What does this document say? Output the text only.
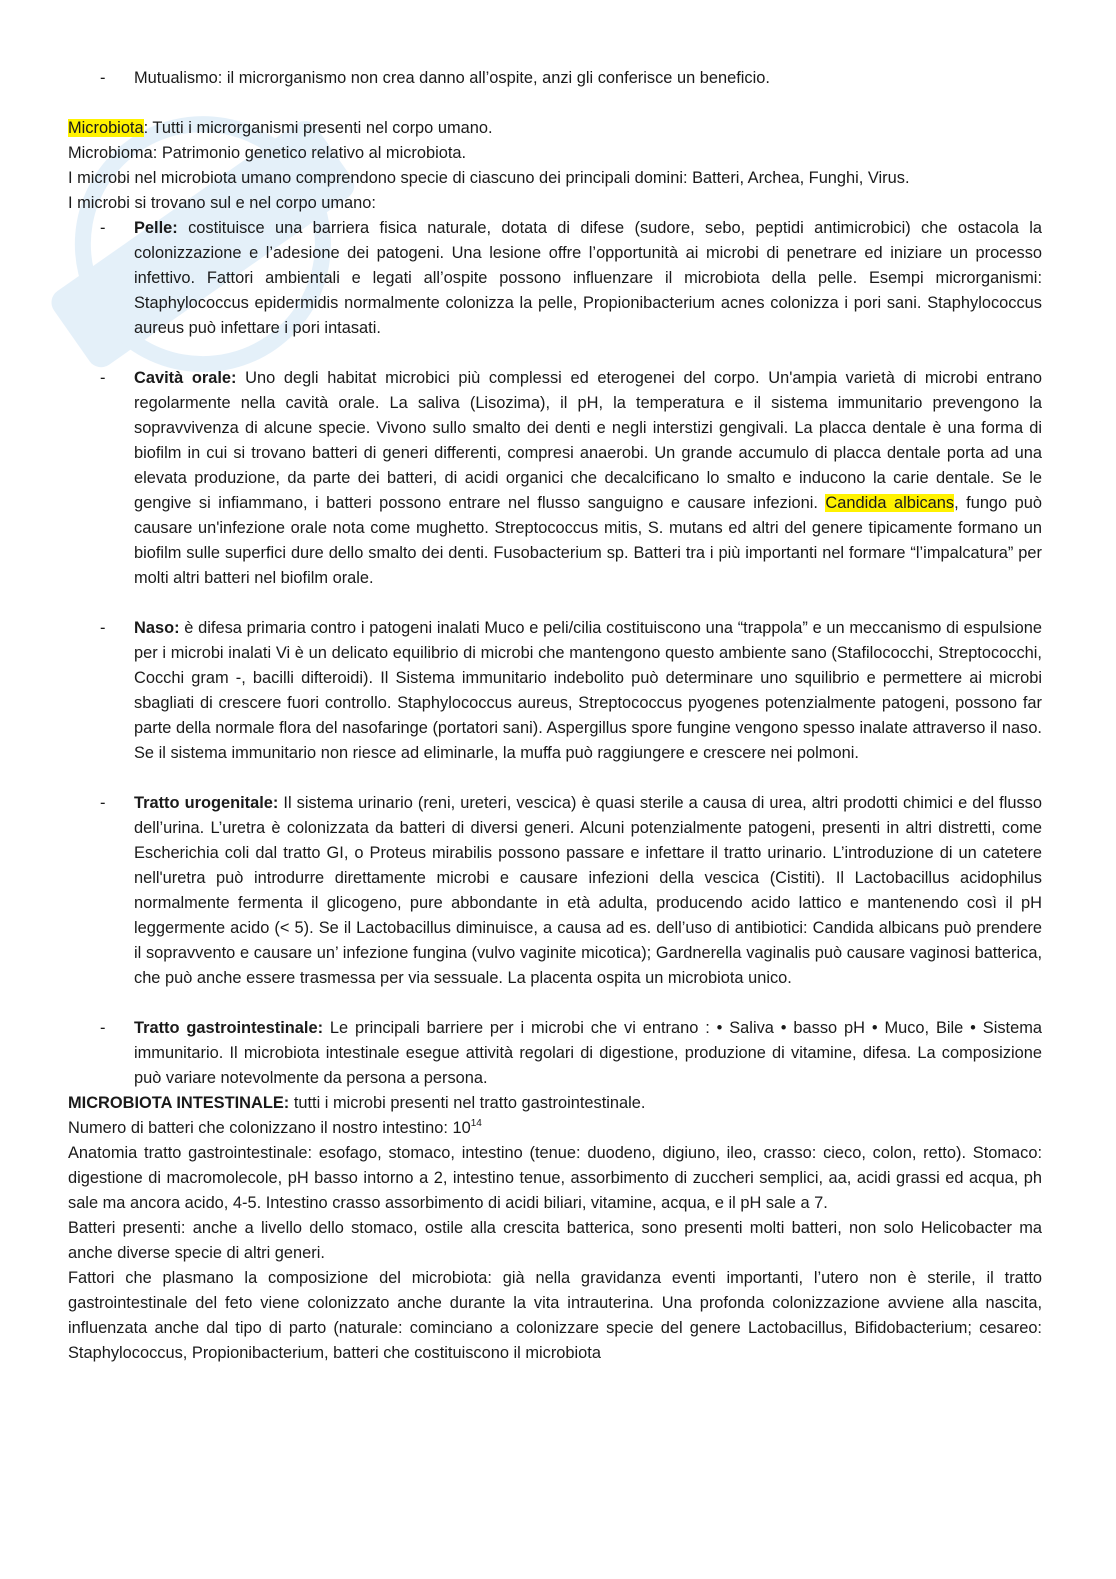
- Mutualismo: il microrganismo non crea danno all’ospite, anzi gli conferisce un beneficio.

Microbiota: Tutti i microrganismi presenti nel corpo umano.

Microbioma: Patrimonio genetico relativo al microbiota.

I microbi nel microbiota umano comprendono specie di ciascuno dei principali domini: Batteri, Archea, Funghi, Virus.

I microbi si trovano sul e nel corpo umano:

- Pelle: costituisce una barriera fisica naturale, dotata di difese (sudore, sebo, peptidi antimicrobici) che ostacola la colonizzazione e l’adesione dei patogeni. Una lesione offre l’opportunità ai microbi di penetrare ed iniziare un processo infettivo. Fattori ambientali e legati all’ospite possono influenzare il microbiota della pelle. Esempi microrganismi: Staphylococcus epidermidis normalmente colonizza la pelle, Propionibacterium acnes colonizza i pori sani. Staphylococcus aureus può infettare i pori intasati.

- Cavità orale: Uno degli habitat microbici più complessi ed eterogenei del corpo. Un'ampia varietà di microbi entrano regolarmente nella cavità orale. La saliva (Lisozima), il pH, la temperatura e il sistema immunitario prevengono la sopravvivenza di alcune specie. Vivono sullo smalto dei denti e negli interstizi gengivali. La placca dentale è una forma di biofilm in cui si trovano batteri di generi differenti, compresi anaerobi. Un grande accumulo di placca dentale porta ad una elevata produzione, da parte dei batteri, di acidi organici che decalcificano lo smalto e inducono la carie dentale. Se le gengive si infiammano, i batteri possono entrare nel flusso sanguigno e causare infezioni. Candida albicans, fungo può causare un'infezione orale nota come mughetto. Streptococcus mitis, S. mutans ed altri del genere tipicamente formano un biofilm sulle superfici dure dello smalto dei denti. Fusobacterium sp. Batteri tra i più importanti nel formare “l’impalcatura” per molti altri batteri nel biofilm orale.

- Naso: è difesa primaria contro i patogeni inalati Muco e peli/cilia costituiscono una “trappola” e un meccanismo di espulsione per i microbi inalati Vi è un delicato equilibrio di microbi che mantengono questo ambiente sano (Stafilococchi, Streptococchi, Cocchi gram -, bacilli difteroidi). Il Sistema immunitario indebolito può determinare uno squilibrio e permettere ai microbi sbagliati di crescere fuori controllo. Staphylococcus aureus, Streptococcus pyogenes potenzialmente patogeni, possono far parte della normale flora del nasofaringe (portatori sani). Aspergillus spore fungine vengono spesso inalate attraverso il naso. Se il sistema immunitario non riesce ad eliminarle, la muffa può raggiungere e crescere nei polmoni.

- Tratto urogenitale: Il sistema urinario (reni, ureteri, vescica) è quasi sterile a causa di urea, altri prodotti chimici e del flusso dell’urina. L’uretra è colonizzata da batteri di diversi generi. Alcuni potenzialmente patogeni, presenti in altri distretti, come Escherichia coli dal tratto GI, o Proteus mirabilis possono passare e infettare il tratto urinario. L’introduzione di un catetere nell'uretra può introdurre direttamente microbi e causare infezioni della vescica (Cistiti). Il Lactobacillus acidophilus normalmente fermenta il glicogeno, pure abbondante in età adulta, producendo acido lattico e mantenendo così il pH leggermente acido (< 5). Se il Lactobacillus diminuisce, a causa ad es. dell’uso di antibiotici: Candida albicans può prendere il sopravvento e causare un’ infezione fungina (vulvo vaginite micotica); Gardnerella vaginalis può causare vaginosi batterica, che può anche essere trasmessa per via sessuale. La placenta ospita un microbiota unico.

- Tratto gastrointestinale: Le principali barriere per i microbi che vi entrano : • Saliva • basso pH • Muco, Bile • Sistema immunitario. Il microbiota intestinale esegue attività regolari di digestione, produzione di vitamine, difesa. La composizione può variare notevolmente da persona a persona.

MICROBIOTA INTESTINALE: tutti i microbi presenti nel tratto gastrointestinale.

Numero di batteri che colonizzano il nostro intestino: $10^{14}$

Anatomia tratto gastrointestinale: esofago, stomaco, intestino (tenue: duodeno, digiuno, ileo, crasso: cieco, colon, retto). Stomaco: digestione di macromolecole, pH basso intorno a 2, intestino tenue, assorbimento di zuccheri semplici, aa, acidi grassi ed acqua, ph sale ma ancora acido, 4-5. Intestino crasso assorbimento di acidi biliari, vitamine, acqua, e il pH sale a 7.

Batteri presenti: anche a livello dello stomaco, ostile alla crescita batterica, sono presenti molti batteri, non solo Helicobacter ma anche diverse specie di altri generi.

Fattori che plasmano la composizione del microbiota: già nella gravidanza eventi importanti, l’utero non è sterile, il tratto gastrointestinale del feto viene colonizzato anche durante la vita intrauterina. Una profonda colonizzazione avviene alla nascita, influenzata anche dal tipo di parto (naturale: cominciano a colonizzare specie del genere Lactobacillus, Bifidobacterium; cesareo: Staphylococcus, Propionibacterium, batteri che costituiscono il microbiota
